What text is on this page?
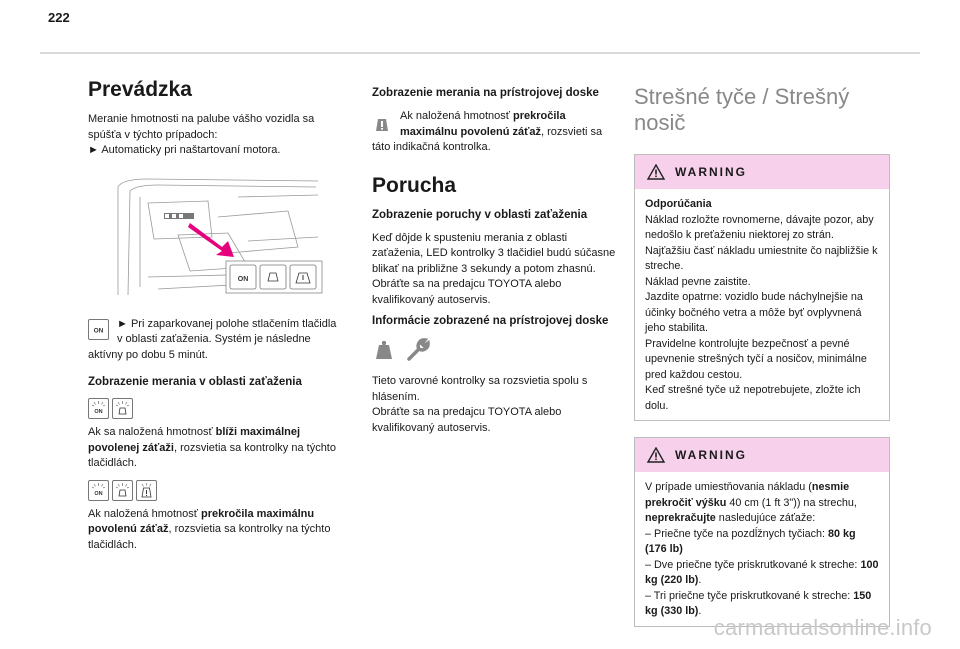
222
Prevádzka

Meranie hmotnosti na palube vášho vozidla sa spúšťa v týchto prípadoch:
► Automaticky pri naštartovaní motora.

ON
ON

► Pri zaparkovanej polohe stlačením tlačidla v oblasti zaťaženia. Systém je následne aktívny po dobu 5 minút.

Zobrazenie merania v oblasti zaťaženia
ON

Ak sa naložená hmotnosť blíži maximálnej povolenej záťaži, rozsvietia sa kontrolky na týchto tlačidlách.

ON

Ak naložená hmotnosť prekročila maximálnu povolenú záťaž, rozsvietia sa kontrolky na týchto tlačidlách.

Zobrazenie merania na prístrojovej doske

Ak naložená hmotnosť prekročila maximálnu povolenú záťaž, rozsvieti sa táto indikačná kontrolka.

Porucha
Zobrazenie poruchy v oblasti zaťaženia

Keď dôjde k spusteniu merania z oblasti zaťaženia, LED kontrolky 3 tlačidiel budú súčasne blikať na približne 3 sekundy a potom zhasnú.
Obráťte sa na predajcu TOYOTA alebo kvalifikovaný autoservis.

Informácie zobrazené na prístrojovej doske

Tieto varovné kontrolky sa rozsvietia spolu s hlásením.
Obráťte sa na predajcu TOYOTA alebo kvalifikovaný autoservis.

Strešné tyče / Strešný nosič
WARNING
Odporúčania
Náklad rozložte rovnomerne, dávajte pozor, aby nedošlo k preťaženiu niektorej zo strán.
Najťažšiu časť nákladu umiestnite čo najbližšie k streche.
Náklad pevne zaistite.
Jazdite opatrne: vozidlo bude náchylnejšie na účinky bočného vetra a môže byť ovplyvnená jeho stabilita.
Pravidelne kontrolujte bezpečnosť a pevné upevnenie strešných tyčí a nosičov, minimálne pred každou cestou.
Keď strešné tyče už nepotrebujete, zložte ich dolu.
WARNING
V prípade umiestňovania nákladu (nesmie prekročiť výšku 40 cm (1 ft 3")) na strechu, neprekračujte nasledujúce záťaže:
– Priečne tyče na pozdĺžnych tyčiach: 80 kg (176 lb)
– Dve priečne tyče priskrutkované k streche: 100 kg (220 lb).
– Tri priečne tyče priskrutkované k streche: 150 kg (330 lb).
carmanualsonline.info
